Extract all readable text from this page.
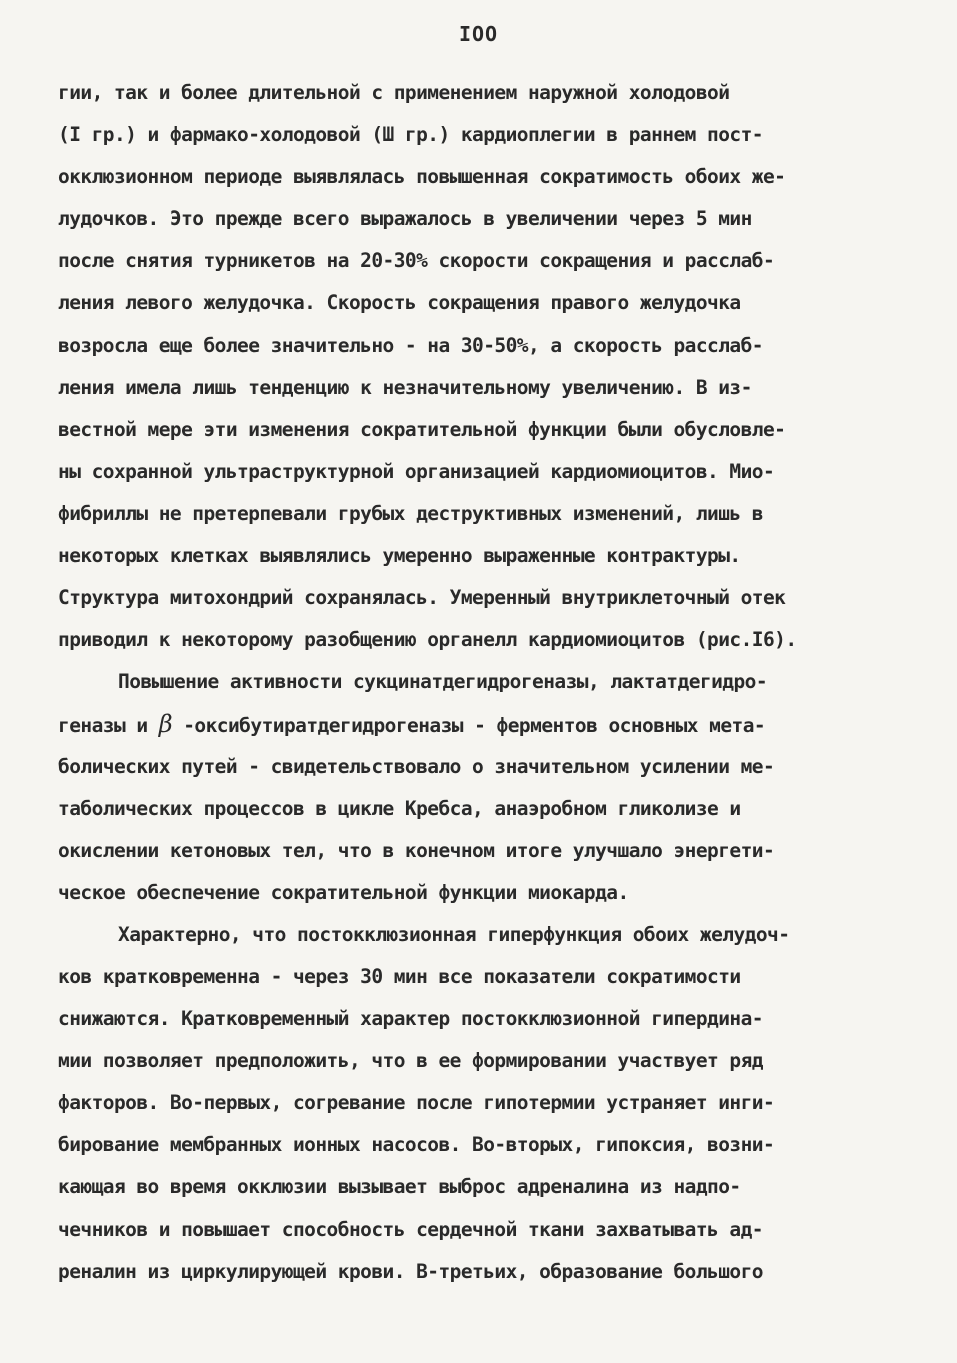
IOO
гии, так и более длительной с применением наружной холодовой
(I гр.) и фармако-холодовой (Ш гр.) кардиоплегии в раннем пост-
окклюзионном периоде выявлялась повышенная сократимость обоих же-
лудочков. Это прежде всего выражалось в увеличении через 5 мин
после снятия турникетов на 20-30% скорости сокращения и расслаб-
ления левого желудочка. Скорость сокращения правого желудочка
возросла еще более значительно - на 30-50%, а скорость расслаб-
ления имела лишь тенденцию к незначительному увеличению. В из-
вестной мере эти изменения сократительной функции были обусловле-
ны сохранной ультраструктурной организацией кардиомиоцитов. Мио-
фибриллы не претерпевали грубых деструктивных изменений, лишь в
некоторых клетках выявлялись умеренно выраженные контрактуры.
Структура митохондрий сохранялась. Умеренный внутриклеточный отек
приводил к некоторому разобщению органелл кардиомиоцитов (рис.I6).
Повышение активности сукцинатдегидрогеназы, лактатдегидро-
геназы и β -оксибутиратдегидрогеназы - ферментов основных мета-
болических путей - свидетельствовало о значительном усилении ме-
таболических процессов в цикле Кребса, анаэробном гликолизе и
окислении кетоновых тел, что в конечном итоге улучшало энергети-
ческое обеспечение сократительной функции миокарда.
Характерно, что постокклюзионная гиперфункция обоих желудоч-
ков кратковременна - через 30 мин все показатели сократимости
снижаются. Кратковременный характер постокклюзионной гипердина-
мии позволяет предположить, что в ее формировании участвует ряд
факторов. Во-первых, согревание после гипотермии устраняет инги-
бирование мембранных ионных насосов. Во-вторых, гипоксия, возни-
кающая во время окклюзии вызывает выброс адреналина из надпо-
чечников и повышает способность сердечной ткани захватывать ад-
реналин из циркулирующей крови. В-третьих, образование большого
